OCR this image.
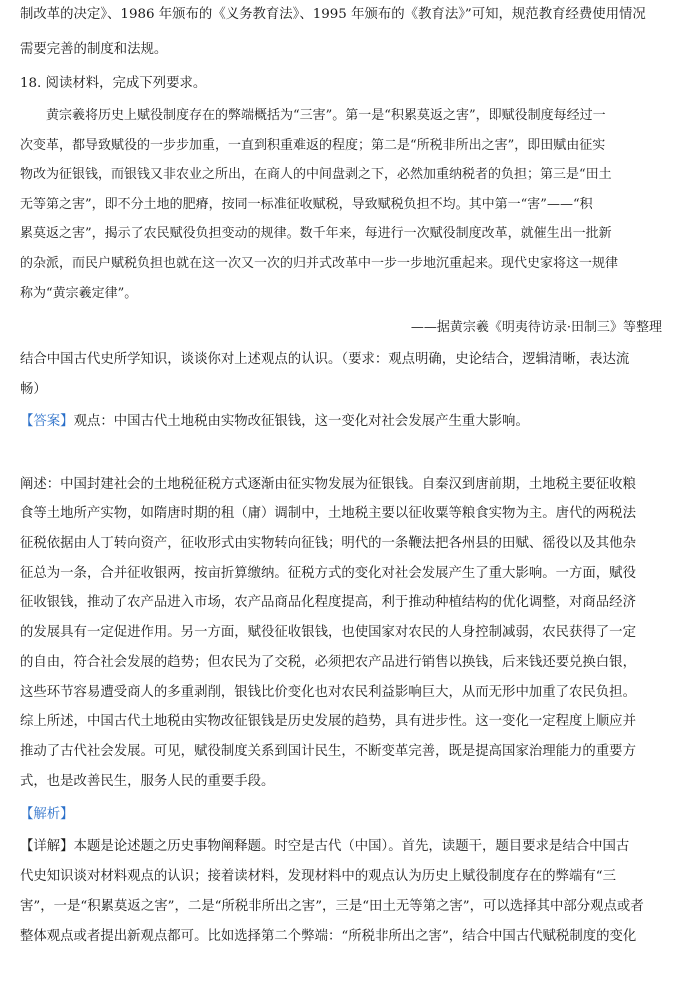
制改革的决定》、1986 年颁布的《义务教育法》、1995 年颁布的《教育法》”可知，规范教育经费使用情况
需要完善的制度和法规。
18. 阅读材料，完成下列要求。
黄宗羲将历史上赋役制度存在的弊端概括为“三害”。第一是“积累莫返之害”，即赋役制度每经过一
次变革，都导致赋役的一步步加重，一直到积重难返的程度；第二是“所税非所出之害”，即田赋由征实
物改为征银钱，而银钱又非农业之所出，在商人的中间盘剥之下，必然加重纳税者的负担；第三是“田土
无等第之害”，即不分土地的肥瘠，按同一标准征收赋税，导致赋税负担不均。其中第一“害”——“积
累莫返之害”，揭示了农民赋役负担变动的规律。数千年来，每进行一次赋役制度改革，就催生出一批新
的杂派，而民户赋税负担也就在这一次又一次的归并式改革中一步一步地沉重起来。现代史家将这一规律
称为“黄宗羲定律”。
——据黄宗羲《明夷待访录·田制三》等整理
结合中国古代史所学知识，谈谈你对上述观点的认识。（要求：观点明确，史论结合，逻辑清晰，表达流
畅）
【答案】观点：中国古代土地税由实物改征银钱，这一变化对社会发展产生重大影响。
阐述：中国封建社会的土地税征税方式逐渐由征实物发展为征银钱。自秦汉到唐前期，土地税主要征收粮
食等土地所产实物，如隋唐时期的租（庸）调制中，土地税主要以征收粟等粮食实物为主。唐代的两税法
征税依据由人丁转向资产，征收形式由实物转向征钱；明代的一条鞭法把各州县的田赋、徭役以及其他杂
征总为一条，合并征收银两，按亩折算缴纳。征税方式的变化对社会发展产生了重大影响。一方面，赋役
征收银钱，推动了农产品进入市场，农产品商品化程度提高，利于推动种植结构的优化调整，对商品经济
的发展具有一定促进作用。另一方面，赋役征收银钱，也使国家对农民的人身控制减弱，农民获得了一定
的自由，符合社会发展的趋势；但农民为了交税，必须把农产品进行销售以换钱，后来钱还要兑换白银，
这些环节容易遭受商人的多重剥削，银钱比价变化也对农民利益影响巨大，从而无形中加重了农民负担。
综上所述，中国古代土地税由实物改征银钱是历史发展的趋势，具有进步性。这一变化一定程度上顺应并
推动了古代社会发展。可见，赋役制度关系到国计民生，不断变革完善，既是提高国家治理能力的重要方
式，也是改善民生，服务人民的重要手段。
【解析】
【详解】本题是论述题之历史事物阐释题。时空是古代（中国）。首先，读题干，题目要求是结合中国古
代史知识谈对材料观点的认识；接着读材料，发现材料中的观点认为历史上赋役制度存在的弊端有“三
害”，一是“积累莫返之害”，二是“所税非所出之害”，三是“田土无等第之害”，可以选择其中部分观点或者
整体观点或者提出新观点都可。比如选择第二个弊端：“所税非所出之害”，结合中国古代赋税制度的变化
